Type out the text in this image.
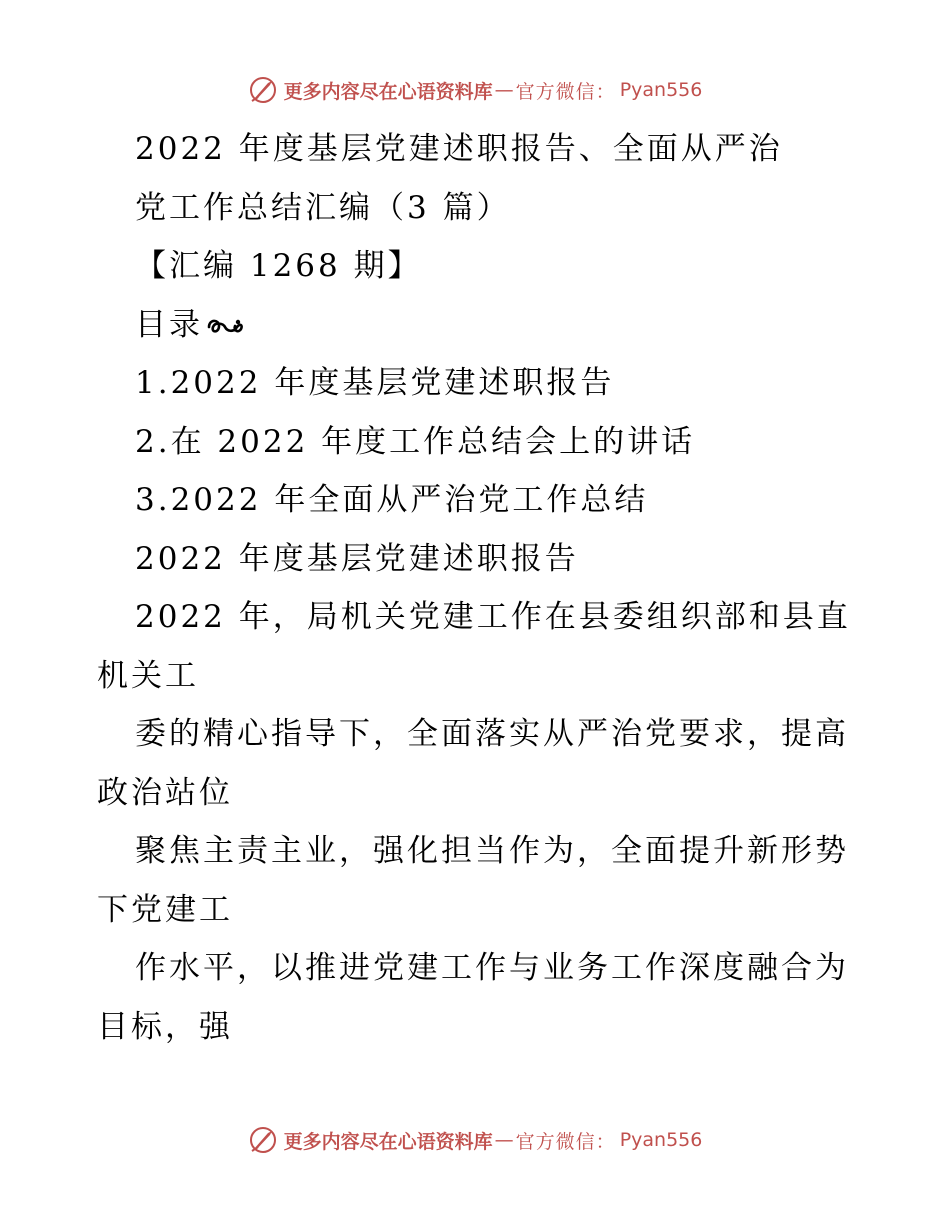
更多内容尽在心语资料库 — 官方微信： Pyan556
2022 年度基层党建述职报告、全面从严治
党工作总结汇编（3 篇）
【汇编 1268 期】
目录
1.2022 年度基层党建述职报告
2.在 2022 年度工作总结会上的讲话
3.2022 年全面从严治党工作总结
2022 年度基层党建述职报告
2022 年，局机关党建工作在县委组织部和县直
机关工
委的精心指导下，全面落实从严治党要求，提高
政治站位
聚焦主责主业，强化担当作为，全面提升新形势
下党建工
作水平，以推进党建工作与业务工作深度融合为
目标，强
更多内容尽在心语资料库 — 官方微信： Pyan556
